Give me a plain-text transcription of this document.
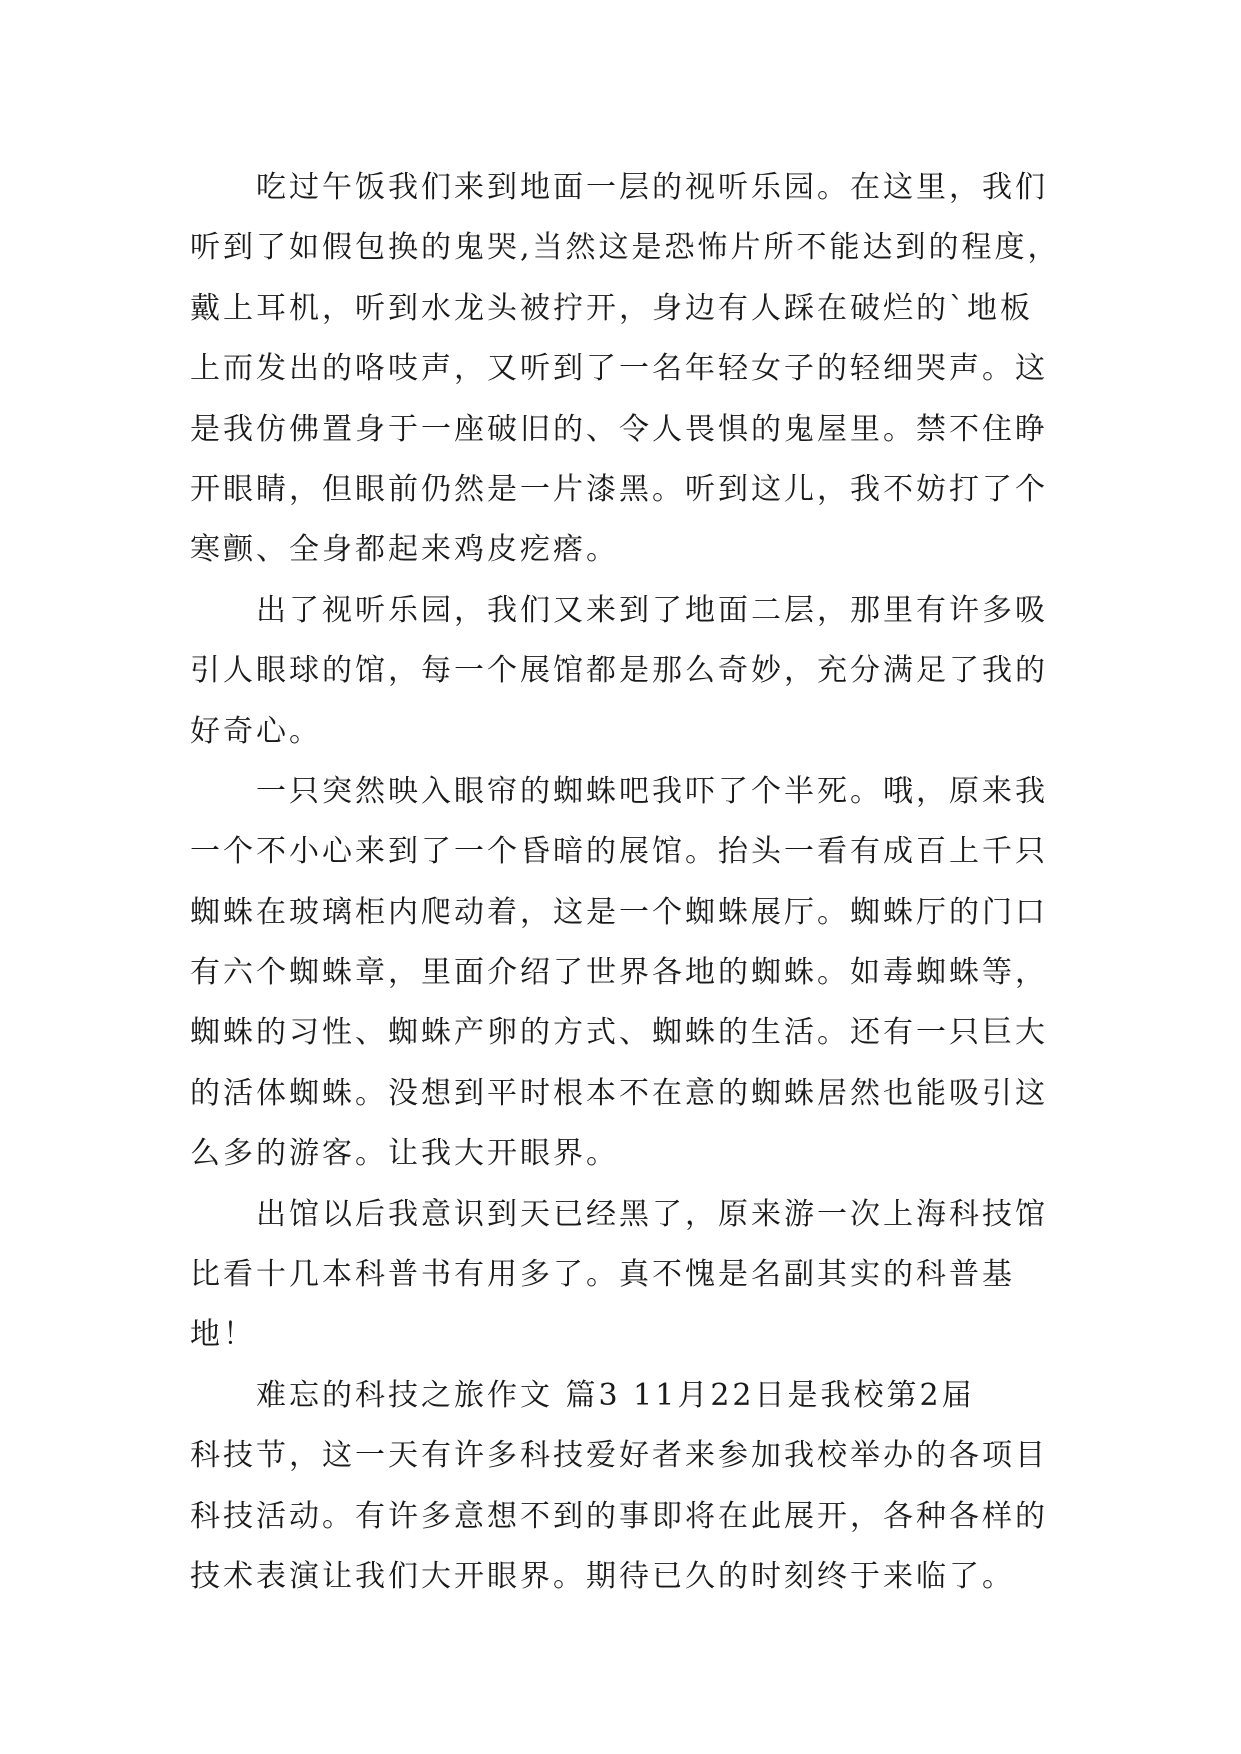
吃过午饭我们来到地面一层的视听乐园。在这里，我们
听到了如假包换的鬼哭,当然这是恐怖片所不能达到的程度，
戴上耳机，听到水龙头被拧开，身边有人踩在破烂的`地板
上而发出的咯吱声，又听到了一名年轻女子的轻细哭声。这
是我仿佛置身于一座破旧的、令人畏惧的鬼屋里。禁不住睁
开眼睛，但眼前仍然是一片漆黑。听到这儿，我不妨打了个
寒颤、全身都起来鸡皮疙瘩。
出了视听乐园，我们又来到了地面二层，那里有许多吸
引人眼球的馆，每一个展馆都是那么奇妙，充分满足了我的
好奇心。
一只突然映入眼帘的蜘蛛吧我吓了个半死。哦，原来我
一个不小心来到了一个昏暗的展馆。抬头一看有成百上千只
蜘蛛在玻璃柜内爬动着，这是一个蜘蛛展厅。蜘蛛厅的门口
有六个蜘蛛章，里面介绍了世界各地的蜘蛛。如毒蜘蛛等，
蜘蛛的习性、蜘蛛产卵的方式、蜘蛛的生活。还有一只巨大
的活体蜘蛛。没想到平时根本不在意的蜘蛛居然也能吸引这
么多的游客。让我大开眼界。
出馆以后我意识到天已经黑了，原来游一次上海科技馆
比看十几本科普书有用多了。真不愧是名副其实的科普基
地！
难忘的科技之旅作文 篇3 11月22日是我校第2届
科技节，这一天有许多科技爱好者来参加我校举办的各项目
科技活动。有许多意想不到的事即将在此展开，各种各样的
技术表演让我们大开眼界。期待已久的时刻终于来临了。
